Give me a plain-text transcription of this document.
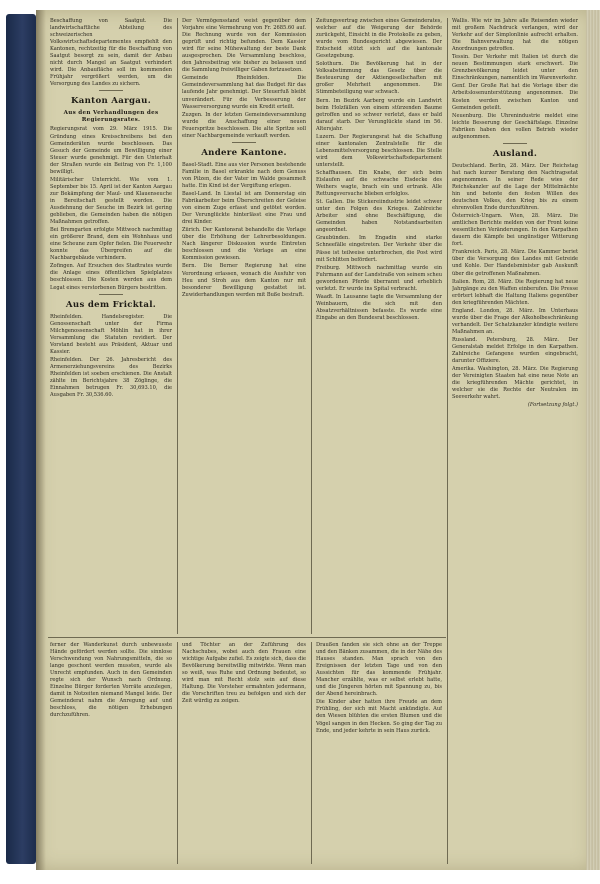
Beschaffung von Saatgut. Die landwirtschaftliche Abteilung des schweizerischen Volkswirtschaftsdepartementes empfiehlt den Kantonen, rechtzeitig für die Beschaffung von Saatgut besorgt zu sein, damit der Anbau nicht durch Mangel an Saatgut verhindert wird. Die Anbaufläche soll im kommenden Frühjahr vergrößert werden, um die Versorgung des Landes zu sichern.

Kanton Aargau.
Aus den Verhandlungen des Regierungsrates.

Regierungsrat vom 29. März 1915. Die Gründung eines Kreisschreibens bei den Gemeinderäten wurde beschlossen. Das Gesuch der Gemeinde um Bewilligung einer Steuer wurde genehmigt. Für den Unterhalt der Straßen wurde ein Beitrag von Fr. 1,100 bewilligt.

Militärischer Unterricht. Wie vom 1. September bis 15. April ist der Kanton Aargau zur Bekämpfung der Maul- und Klauenseuche in Bereitschaft gestellt worden. Die Ausdehnung der Seuche im Bezirk ist gering geblieben, die Gemeinden haben die nötigen Maßnahmen getroffen.

Bei Bremgarten erfolgte Mittwoch nachmittag ein größerer Brand, dem ein Wohnhaus und eine Scheune zum Opfer fielen. Die Feuerwehr konnte das Übergreifen auf die Nachbargebäude verhindern.

Zofingen. Auf Ersuchen des Stadtrates wurde die Anlage eines öffentlichen Spielplatzes beschlossen. Die Kosten werden aus dem Legat eines verstorbenen Bürgers bestritten.

Aus dem Fricktal.

Rheinfelden. Handelsregister. Die Genossenschaft unter der Firma Milchgenossenschaft Möhlin hat in ihrer Versammlung die Statuten revidiert. Der Vorstand besteht aus Präsident, Aktuar und Kassier.

Rheinfelden. Der 26. Jahresbericht des Armenerziehungsvereins des Bezirks Rheinfelden ist soeben erschienen. Die Anstalt zählte im Berichtsjahre 38 Zöglinge, die Einnahmen betrugen Fr. 30,693.10, die Ausgaben Fr. 30,536.60.

Der Vermögensstand weist gegenüber dem Vorjahre eine Vermehrung von Fr. 2685.60 auf. Die Rechnung wurde von der Kommission geprüft und richtig befunden. Dem Kassier wird für seine Mühewaltung der beste Dank ausgesprochen. Die Versammlung beschloss, den Jahresbeitrag wie bisher zu belassen und die Sammlung freiwilliger Gaben fortzusetzen.

Gemeinde Rheinfelden. Die Gemeindeversammlung hat das Budget für das laufende Jahr genehmigt. Der Steuerfuß bleibt unverändert. Für die Verbesserung der Wasserversorgung wurde ein Kredit erteilt.

Zuzgen. In der letzten Gemeindeversammlung wurde die Anschaffung einer neuen Feuerspritze beschlossen. Die alte Spritze soll einer Nachbargemeinde verkauft werden.

Andere Kantone.

Basel-Stadt. Eine aus vier Personen bestehende Familie in Basel erkrankte nach dem Genuss von Pilzen, die der Vater im Walde gesammelt hatte. Ein Kind ist der Vergiftung erlegen.

Basel-Land. In Liestal ist am Donnerstag ein Fabrikarbeiter beim Überschreiten der Geleise von einem Zuge erfasst und getötet worden. Der Verunglückte hinterlässt eine Frau und drei Kinder.

Zürich. Der Kantonsrat behandelte die Vorlage über die Erhöhung der Lehrerbesoldungen. Nach längerer Diskussion wurde Eintreten beschlossen und die Vorlage an eine Kommission gewiesen.

Bern. Die Berner Regierung hat eine Verordnung erlassen, wonach die Ausfuhr von Heu und Stroh aus dem Kanton nur mit besonderer Bewilligung gestattet ist. Zuwiderhandlungen werden mit Buße bestraft.

Zeitungsvertrag zwischen eines Gemeinderates, welcher auf die Weigerung der Behörde zurückgeht, Einsicht in die Protokolle zu geben, wurde vom Bundesgericht abgewiesen. Der Entscheid stützt sich auf die kantonale Gesetzgebung.

Solothurn. Die Bevölkerung hat in der Volksabstimmung das Gesetz über die Besteuerung der Aktiengesellschaften mit großer Mehrheit angenommen. Die Stimmbeteiligung war schwach.

Bern. Im Bezirk Aarberg wurde ein Landwirt beim Holzfällen von einem stürzenden Baume getroffen und so schwer verletzt, dass er bald darauf starb. Der Verunglückte stand im 56. Altersjahr.

Luzern. Der Regierungsrat hat die Schaffung einer kantonalen Zentralstelle für die Lebensmittelversorgung beschlossen. Die Stelle wird dem Volkswirtschaftsdepartement unterstellt.

Schaffhausen. Ein Knabe, der sich beim Eislaufen auf die schwache Eisdecke des Weihers wagte, brach ein und ertrank. Alle Rettungsversuche blieben erfolglos.

St. Gallen. Die Stickereiindustrie leidet schwer unter den Folgen des Krieges. Zahlreiche Arbeiter sind ohne Beschäftigung, die Gemeinden haben Notstandsarbeiten angeordnet.

Graubünden. Im Engadin sind starke Schneefälle eingetreten. Der Verkehr über die Pässe ist teilweise unterbrochen, die Post wird mit Schlitten befördert.

Freiburg. Mittwoch nachmittag wurde ein Fuhrmann auf der Landstraße von seinem scheu gewordenen Pferde überrannt und erheblich verletzt. Er wurde ins Spital verbracht.

Waadt. In Lausanne tagte die Versammlung der Weinbauern, die sich mit den Absatzverhältnissen befasste. Es wurde eine Eingabe an den Bundesrat beschlossen.

Wallis. Wie wir im Jahre alle Reisenden wieder mit großem Nachdruck verlangen, wird der Verkehr auf der Simplonlinie aufrecht erhalten. Die Bahnverwaltung hat die nötigen Anordnungen getroffen.

Tessin. Der Verkehr mit Italien ist durch die neuen Bestimmungen stark erschwert. Die Grenzbevölkerung leidet unter den Einschränkungen, namentlich im Warenverkehr.

Genf. Der Große Rat hat die Vorlage über die Arbeitslosenunterstützung angenommen. Die Kosten werden zwischen Kanton und Gemeinden geteilt.

Neuenburg. Die Uhrenindustrie meldet eine leichte Besserung der Geschäftslage. Einzelne Fabriken haben den vollen Betrieb wieder aufgenommen.

Ausland.

Deutschland. Berlin, 28. März. Der Reichstag hat nach kurzer Beratung den Nachtragsetat angenommen. In seiner Rede wies der Reichskanzler auf die Lage der Mittelmächte hin und betonte den festen Willen des deutschen Volkes, den Krieg bis zu einem ehrenvollen Ende durchzuführen.

Österreich-Ungarn. Wien, 28. März. Die amtlichen Berichte melden von der Front keine wesentlichen Veränderungen. In den Karpathen dauern die Kämpfe bei ungünstiger Witterung fort.

Frankreich. Paris, 28. März. Die Kammer beriet über die Versorgung des Landes mit Getreide und Kohle. Der Handelsminister gab Auskunft über die getroffenen Maßnahmen.

Italien. Rom, 28. März. Die Regierung hat neue Jahrgänge zu den Waffen einberufen. Die Presse erörtert lebhaft die Haltung Italiens gegenüber den kriegführenden Mächten.

England. London, 28. März. Im Unterhaus wurde über die Frage der Alkoholbeschränkung verhandelt. Der Schatzkanzler kündigte weitere Maßnahmen an.

Russland. Petersburg, 28. März. Der Generalstab meldet Erfolge in den Karpathen. Zahlreiche Gefangene wurden eingebracht, darunter Offiziere.

Amerika. Washington, 28. März. Die Regierung der Vereinigten Staaten hat eine neue Note an die kriegführenden Mächte gerichtet, in welcher sie die Rechte der Neutralen im Seeverkehr wahrt.

(Fortsetzung folgt.)

ferner der Wanderkunst durch unbewusste Hände gefördert werden sollte. Die sinnlose Verschwendung von Nahrungsmitteln, die so lange geschont werden mussten, wurde als Unrecht empfunden. Auch in den Gemeinden regte sich der Wunsch nach Ordnung. Einzelne Bürger forderten Vorräte anzulegen, damit in Notzeiten niemand Mangel leide. Der Gemeinderat nahm die Anregung auf und beschloss, die nötigen Erhebungen durchzuführen.

und Töchter an der Zuführung des Nachschubes, wobei auch den Frauen eine wichtige Aufgabe zufiel. Es zeigte sich, dass die Bevölkerung bereitwillig mitwirkte. Wenn man so weiß, was Ruhe und Ordnung bedeutet, so wird man mit Recht stolz sein auf diese Haltung. Die Vorsteher ermahnten jedermann, die Vorschriften treu zu befolgen und sich der Zeit würdig zu zeigen.

Draußen fanden sie sich ohne an der Treppe und den Bänken zusammen, die in der Nähe des Hauses standen. Man sprach von den Ereignissen der letzten Tage und von den Aussichten für das kommende Frühjahr. Mancher erzählte, was er selbst erlebt hatte, und die Jüngeren hörten mit Spannung zu, bis der Abend hereinbrach.

Die Kinder aber hatten ihre Freude an dem Frühling, der sich mit Macht ankündigte. Auf den Wiesen blühten die ersten Blumen und die Vögel sangen in den Hecken. So ging der Tag zu Ende, und jeder kehrte in sein Haus zurück.
